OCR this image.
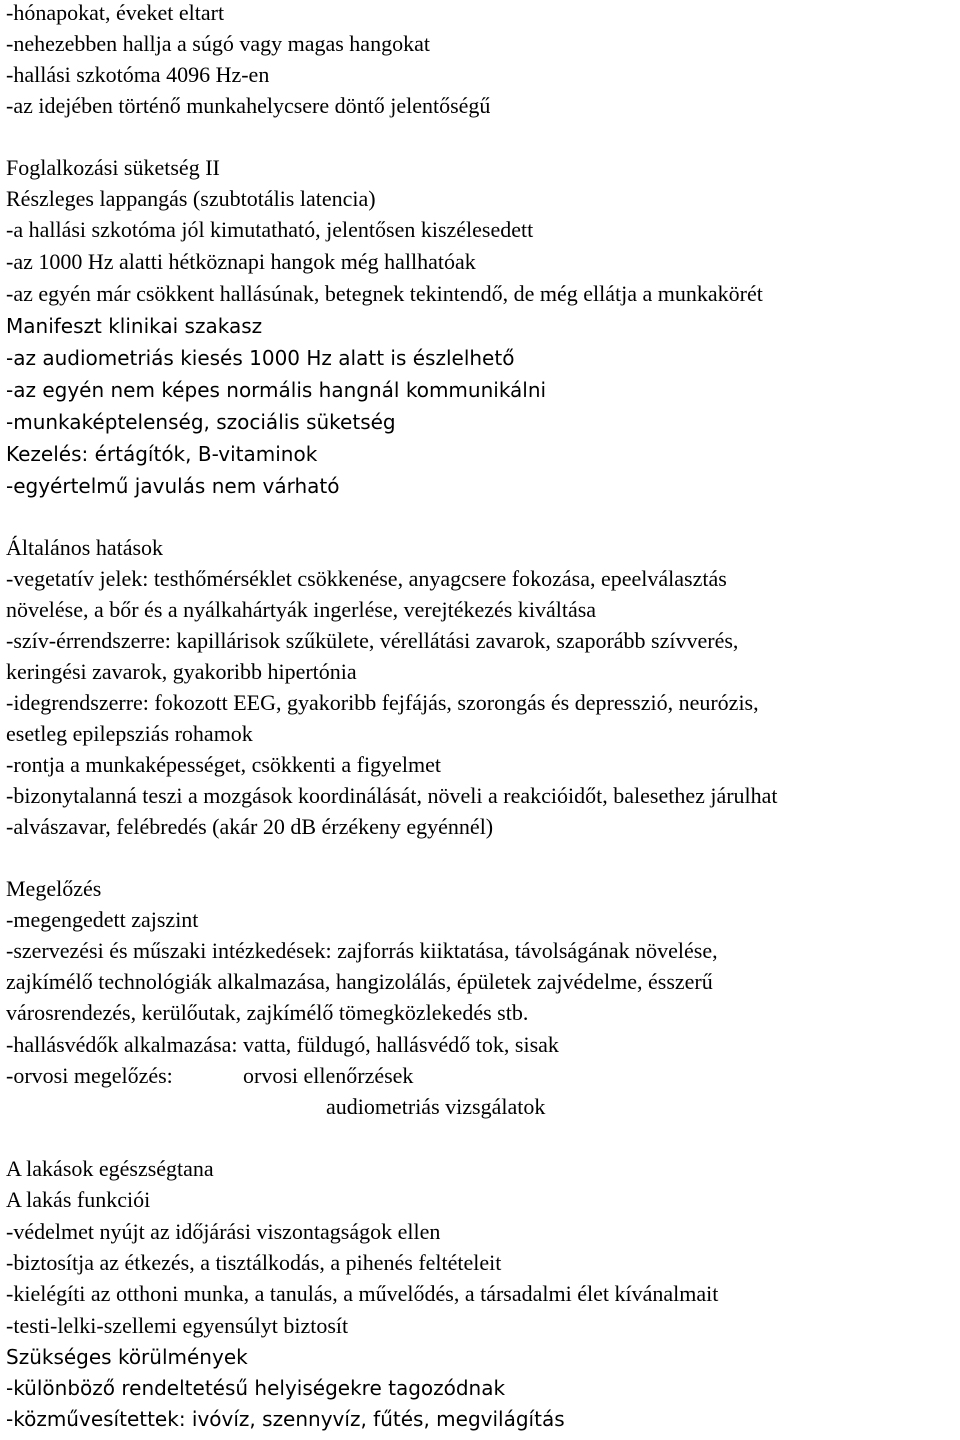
-hónapokat, éveket eltart
-nehezebben hallja a súgó vagy magas hangokat
-hallási szkotóma 4096 Hz-en
-az idejében történő munkahelycsere döntő jelentőségű
Foglalkozási süketség II
Részleges lappangás (szubtotális latencia)
-a hallási szkotóma jól kimutatható, jelentősen kiszélesedett
-az 1000 Hz alatti hétköznapi hangok még hallhatóak
-az egyén már csökkent hallásúnak, betegnek tekintendő, de még ellátja a munkakörét
Manifeszt klinikai szakasz
-az audiometriás kiesés 1000 Hz alatt is észlelhető
-az egyén nem képes normális hangnál kommunikálni
-munkaképtelenség, szociális süketség
Kezelés: értágítók, B-vitaminok
-egyértelmű javulás nem várható
Általános hatások
-vegetatív jelek: testhőmérséklet csökkenése, anyagcsere fokozása, epeelválasztás
növelése, a bőr és a nyálkahártyák ingerlése, verejtékezés kiváltása
-szív-érrendszerre: kapillárisok szűkülete, vérellátási zavarok, szaporább szívverés,
keringési zavarok, gyakoribb hipertónia
-idegrendszerre: fokozott EEG, gyakoribb fejfájás, szorongás és depresszió, neurózis,
esetleg epilepsziás rohamok
-rontja a munkaképességet, csökkenti a figyelmet
-bizonytalanná teszi a mozgások koordinálását, növeli a reakcióidőt, balesethez járulhat
-alvászavar, felébredés (akár 20 dB érzékeny egyénnél)
Megelőzés
-megengedett zajszint
-szervezési és műszaki intézkedések: zajforrás kiiktatása, távolságának növelése,
zajkímélő technológiák alkalmazása, hangizolálás, épületek zajvédelme, ésszerű
városrendezés, kerülőutak, zajkímélő tömegközlekedés stb.
-hallásvédők alkalmazása: vatta, füldugó, hallásvédő tok, sisak
-orvosi megelőzés:	orvosi ellenőrzések
audiometriás vizsgálatok
A lakások egészségtana
A lakás funkciói
-védelmet nyújt az időjárási viszontagságok ellen
-biztosítja az étkezés, a tisztálkodás, a pihenés feltételeit
-kielégíti az otthoni munka, a tanulás, a művelődés, a társadalmi élet kívánalmait
-testi-lelki-szellemi egyensúlyt biztosít
Szükséges körülmények
-különböző rendeltetésű helyiségekre tagozódnak
-közművesítettek: ivóvíz, szennyvíz, fűtés, megvilágítás
